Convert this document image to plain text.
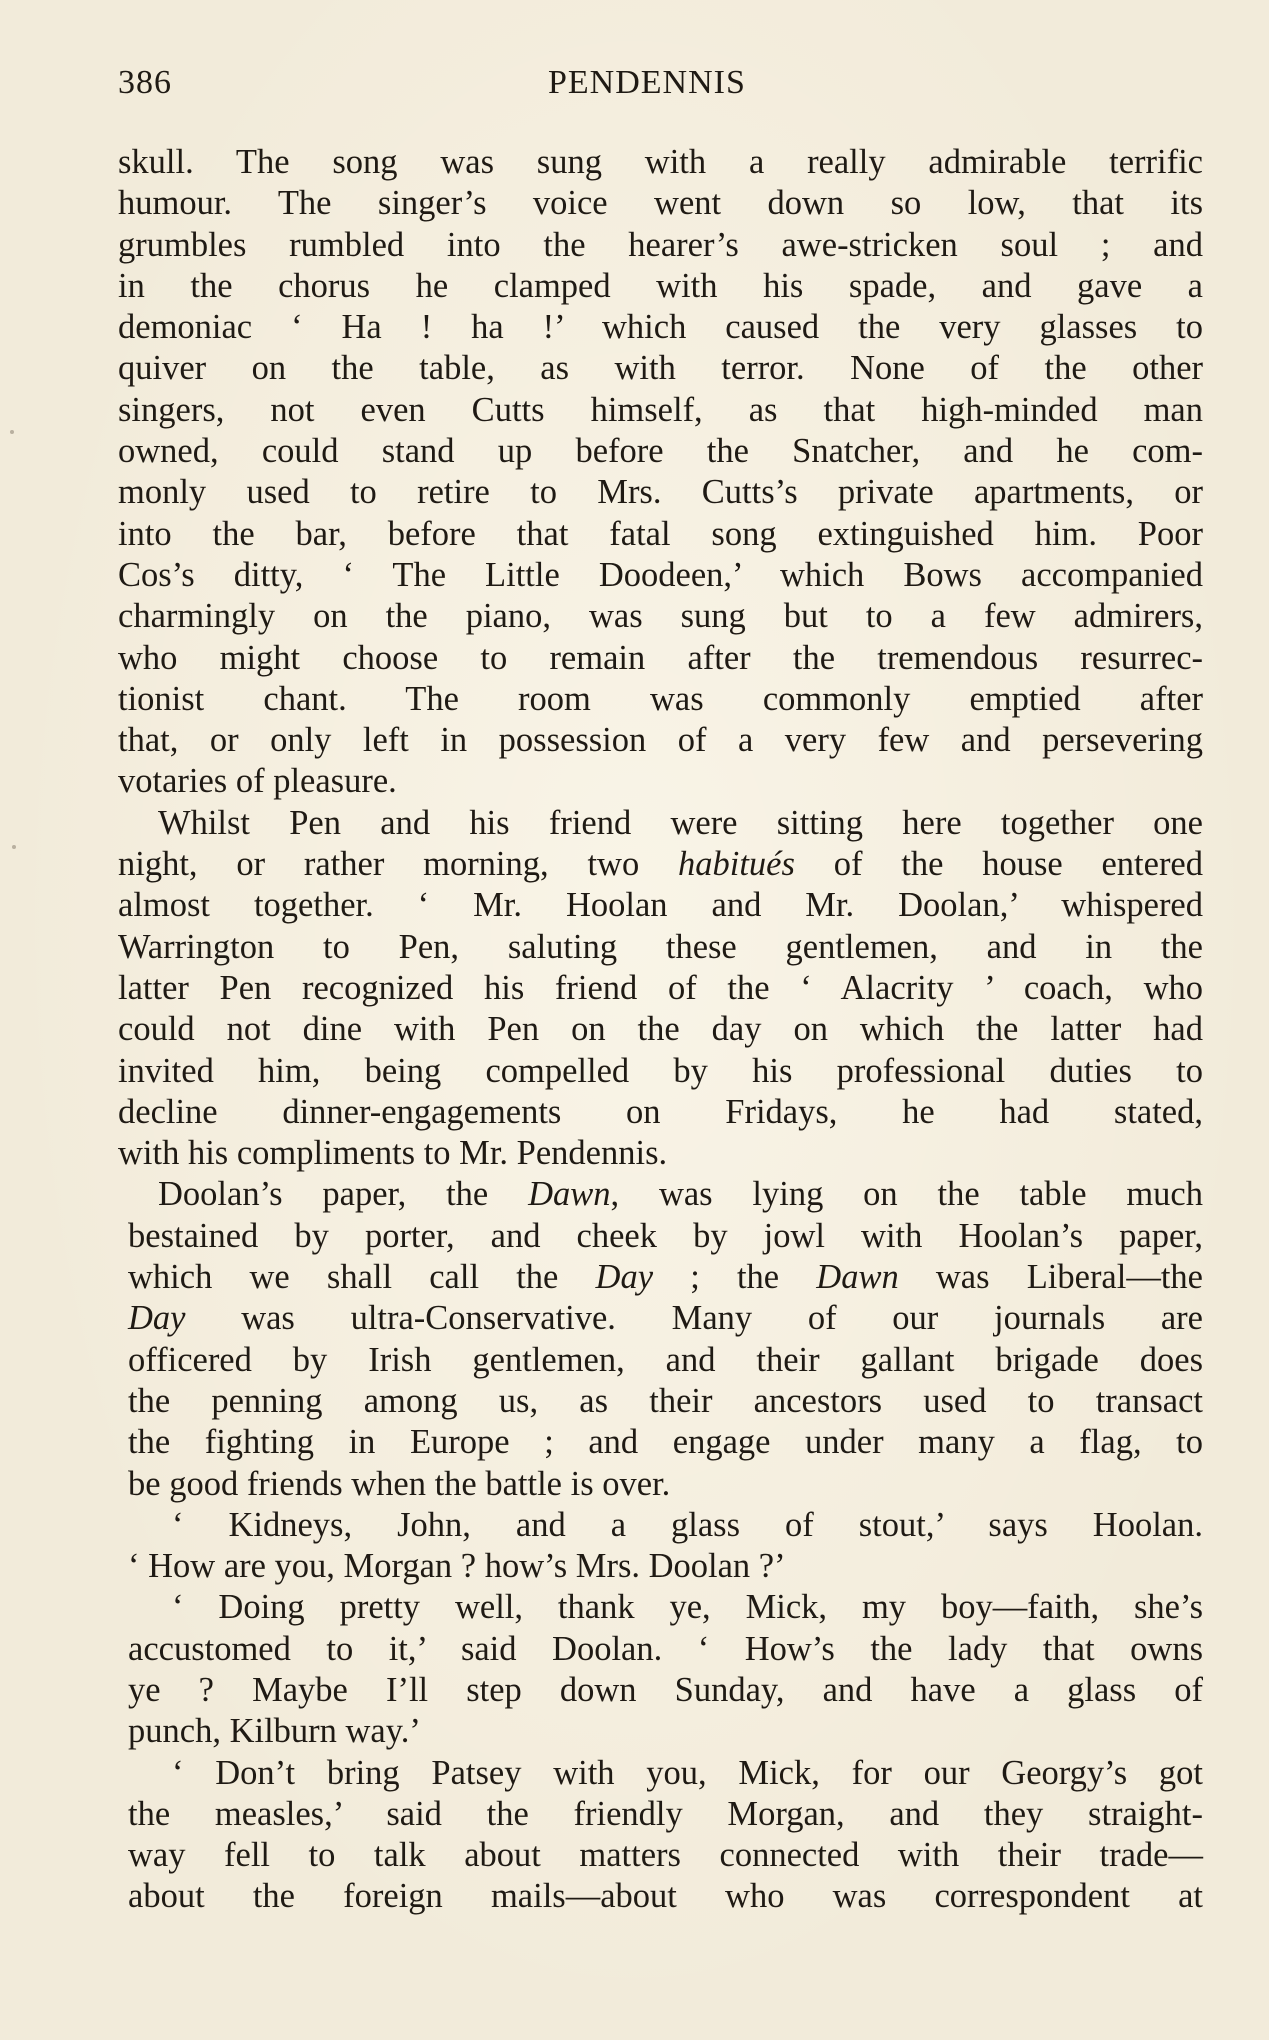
386	PENDENNIS
skull. The song was sung with a really admirable terrific
humour. The singer’s voice went down so low, that its
grumbles rumbled into the hearer’s awe-stricken soul ; and
in the chorus he clamped with his spade, and gave a
demoniac ‘ Ha ! ha !’ which caused the very glasses to
quiver on the table, as with terror. None of the other
singers, not even Cutts himself, as that high-minded man
owned, could stand up before the Snatcher, and he com-
monly used to retire to Mrs. Cutts’s private apartments, or
into the bar, before that fatal song extinguished him. Poor
Cos’s ditty, ‘ The Little Doodeen,’ which Bows accompanied
charmingly on the piano, was sung but to a few admirers,
who might choose to remain after the tremendous resurrec-
tionist chant. The room was commonly emptied after
that, or only left in possession of a very few and persevering
votaries of pleasure.
Whilst Pen and his friend were sitting here together one
night, or rather morning, two habitués of the house entered
almost together. ‘ Mr. Hoolan and Mr. Doolan,’ whispered
Warrington to Pen, saluting these gentlemen, and in the
latter Pen recognized his friend of the ‘ Alacrity ’ coach, who
could not dine with Pen on the day on which the latter had
invited him, being compelled by his professional duties to
decline dinner-engagements on Fridays, he had stated,
with his compliments to Mr. Pendennis.
Doolan’s paper, the Dawn, was lying on the table much
bestained by porter, and cheek by jowl with Hoolan’s paper,
which we shall call the Day ; the Dawn was Liberal—the
Day was ultra-Conservative. Many of our journals are
officered by Irish gentlemen, and their gallant brigade does
the penning among us, as their ancestors used to transact
the fighting in Europe ; and engage under many a flag, to
be good friends when the battle is over.
‘ Kidneys, John, and a glass of stout,’ says Hoolan.
‘ How are you, Morgan ? how’s Mrs. Doolan ?’
‘ Doing pretty well, thank ye, Mick, my boy—faith, she’s
accustomed to it,’ said Doolan. ‘ How’s the lady that owns
ye ? Maybe I’ll step down Sunday, and have a glass of
punch, Kilburn way.’
‘ Don’t bring Patsey with you, Mick, for our Georgy’s got
the measles,’ said the friendly Morgan, and they straight-
way fell to talk about matters connected with their trade—
about the foreign mails—about who was correspondent at
